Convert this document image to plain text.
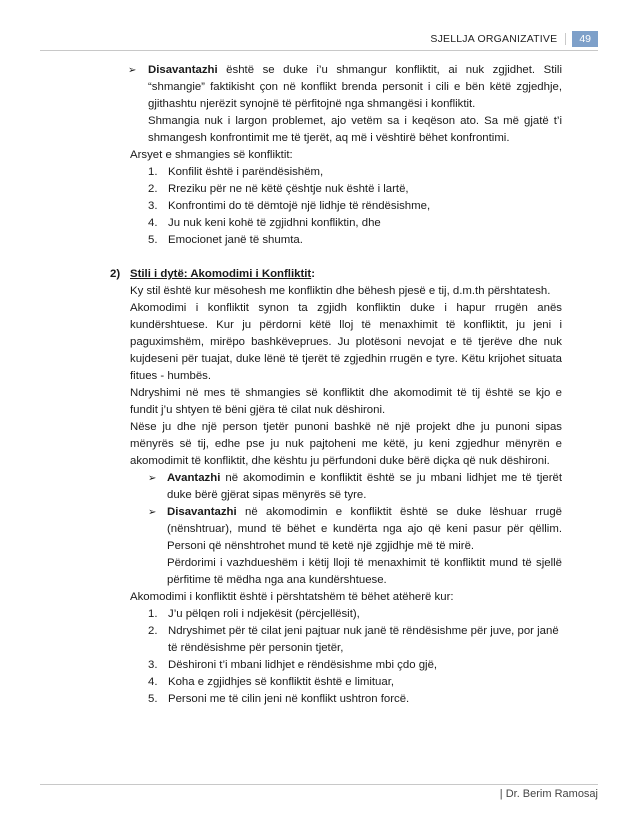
SJELLJA ORGANIZATIVE	49
➢ Disavantazhi është se duke i’u shmangur konfliktit, ai nuk zgjidhet. Stili “shmangie” faktikisht çon në konflikt brenda personit i cili e bën këtë zgjedhje, gjithashtu njerëzit synojnë të përfitojnë nga shmangësi i konfliktit.
Shmangia nuk i largon problemet, ajo vetëm sa i keqëson ato. Sa më gjatë t’i shmangesh konfrontimit me të tjerët, aq më i vështirë bëhet konfrontimi.

Arsyet e shmangies së konfliktit:

1. Konfilit është i parëndësishëm,
2. Rreziku për ne në këtë çështje nuk është i lartë,
3. Konfrontimi do të dëmtojë një lidhje të rëndësishme,
4. Ju nuk keni kohë të zgjidhni konfliktin, dhe
5. Emocionet janë të shumta.
2) Stili i dytë: Akomodimi i Konfliktit:

Ky stil është kur mësohesh me konfliktin dhe bëhesh pjesë e tij, d.m.th përshtatesh.

Akomodimi i konfliktit synon ta zgjidh konfliktin duke i hapur rrugën anës kundërshtuese. Kur ju përdorni këtë lloj të menaxhimit të konfliktit, ju jeni i paguximshëm, mirëpo bashkëveprues. Ju plotësoni nevojat e të tjerëve dhe nuk kujdeseni për tuajat, duke lënë të tjerët të zgjedhin rrugën e tyre. Këtu krijohet situata fitues - humbës.

Ndryshimi në mes të shmangies së konfliktit dhe akomodimit të tij është se kjo e fundit j’u shtyen të bëni gjëra të cilat nuk dëshironi.

Nëse ju dhe një person tjetër punoni bashkë në një projekt dhe ju punoni sipas mënyrës së tij, edhe pse ju nuk pajtoheni me këtë, ju keni zgjedhur mënyrën e akomodimit të konfliktit, dhe kështu ju përfundoni duke bërë diçka që nuk dëshironi.

➢ Avantazhi në akomodimin e konfliktit është se ju mbani lidhjet me të tjerët duke bërë gjërat sipas mënyrës së tyre.
➢ Disavantazhi në akomodimin e konfliktit është se duke lëshuar rrugë (nënshtruar), mund të bëhet e kundërta nga ajo që keni pasur për qëllim. Personi që nënshtrohet mund të ketë një zgjidhje më të mirë.
Përdorimi i vazhdueshëm i këtij lloji të menaxhimit të konfliktit mund të sjellë përfitime të mëdha nga ana kundërshtuese.

Akomodimi i konfliktit është i përshtatshëm të bëhet atëherë kur:

1. J’u pëlqen roli i ndjekësit (përcjellësit),
2. Ndryshimet për të cilat jeni pajtuar nuk janë të rëndësishme për juve, por janë të rëndësishme për personin tjetër,
3. Dëshironi t’i mbani lidhjet e rëndësishme mbi çdo gjë,
4. Koha e zgjidhjes së konfliktit është e limituar,
5. Personi me të cilin jeni në konflikt ushtron forcë.
| Dr. Berim Ramosaj
